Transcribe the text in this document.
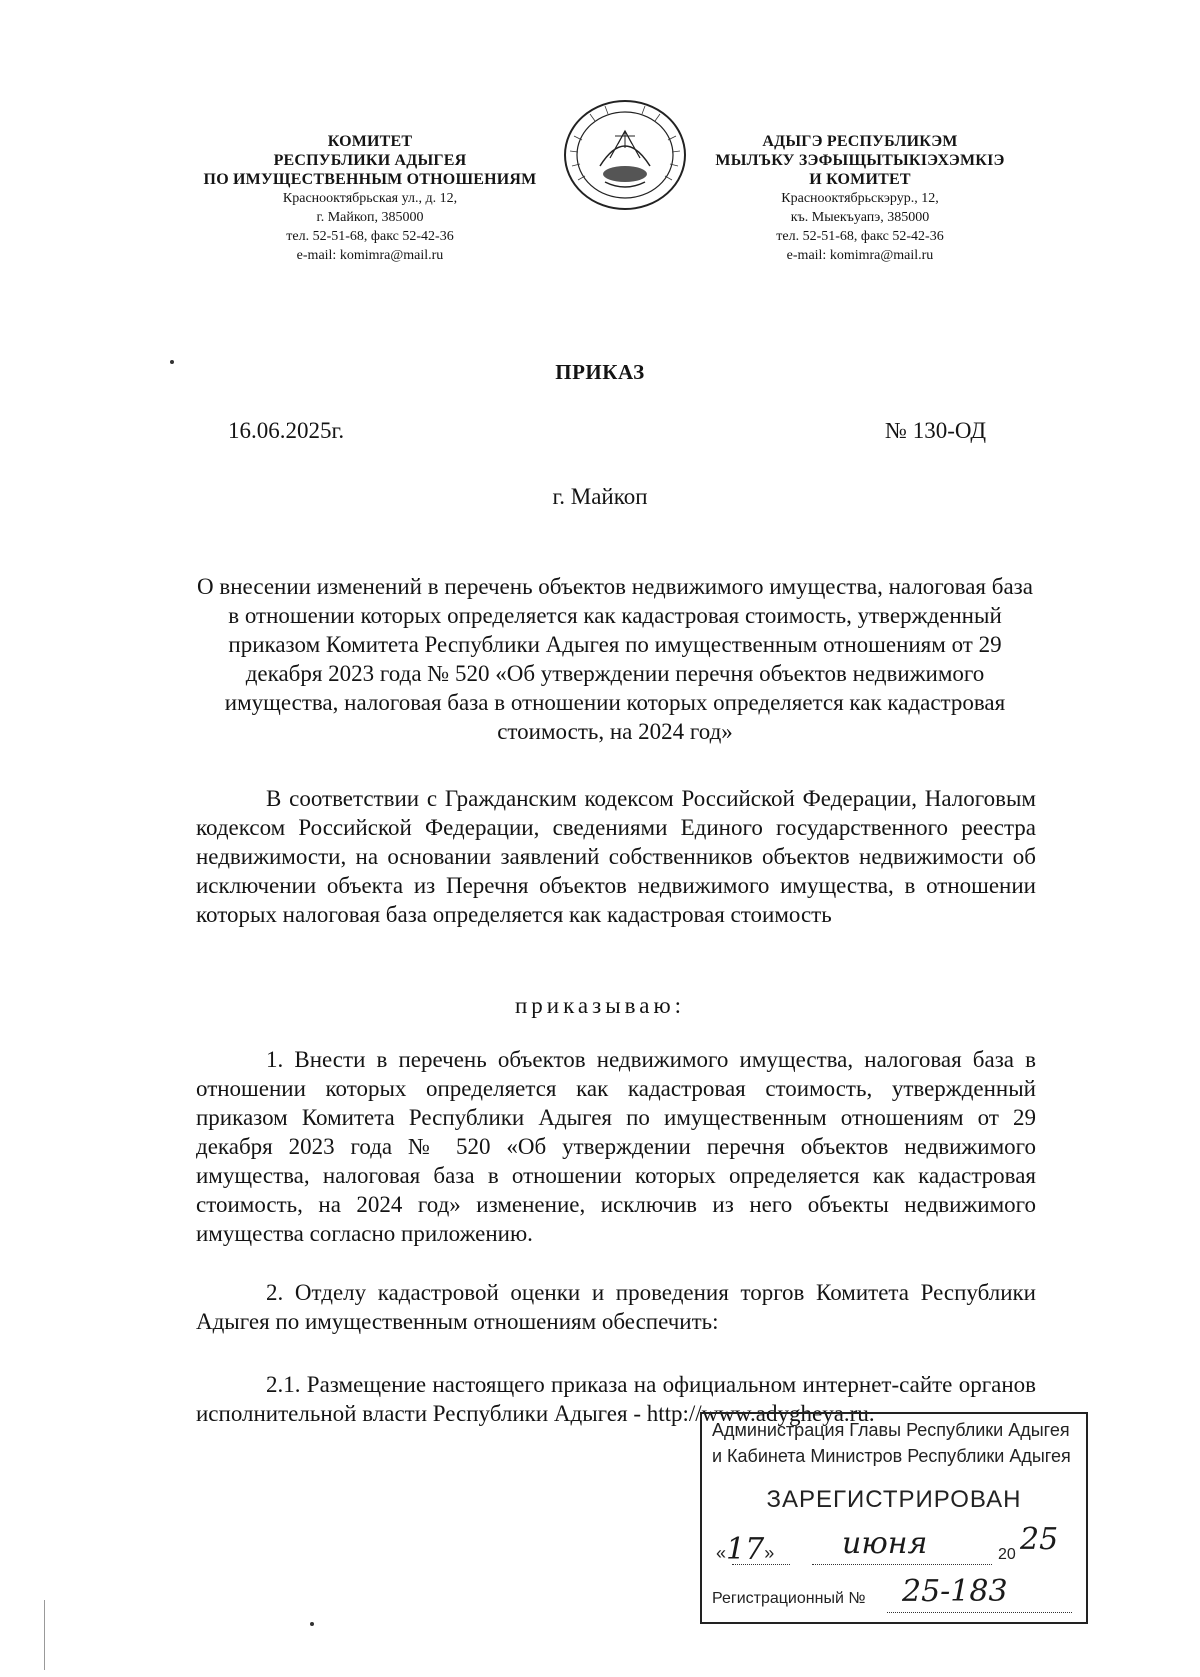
КОМИТЕТ
РЕСПУБЛИКИ АДЫГЕЯ
ПО ИМУЩЕСТВЕННЫМ ОТНОШЕНИЯМ
Краснооктябрьская ул., д. 12,
г. Майкоп, 385000
тел. 52-51-68, факс 52-42-36
e-mail: komimra@mail.ru
АДЫГЭ РЕСПУБЛИКЭМ
МЫЛЪКУ ЗЭФЫЩЫТЫКIЭХЭМКIЭ
И КОМИТЕТ
Краснооктябрьскэрур., 12,
къ. Мыекъуапэ, 385000
тел. 52-51-68, факс 52-42-36
e-mail: komimra@mail.ru
ПРИКАЗ
16.06.2025г.	№ 130-ОД
г. Майкоп
О внесении изменений в перечень объектов недвижимого имущества, налоговая база в отношении которых определяется как кадастровая стоимость, утвержденный приказом Комитета Республики Адыгея по имущественным отношениям от 29 декабря 2023 года № 520 «Об утверждении перечня объектов недвижимого имущества, налоговая база в отношении которых определяется как кадастровая стоимость, на 2024 год»
В соответствии с Гражданским кодексом Российской Федерации, Налоговым кодексом Российской Федерации, сведениями Единого государственного реестра недвижимости, на основании заявлений собственников объектов недвижимости об исключении объекта из Перечня объектов недвижимого имущества, в отношении которых налоговая база определяется как кадастровая стоимость
приказываю:
1. Внести в перечень объектов недвижимого имущества, налоговая база в отношении которых определяется как кадастровая стоимость, утвержденный приказом Комитета Республики Адыгея по имущественным отношениям от 29 декабря 2023 года № 520 «Об утверждении перечня объектов недвижимого имущества, налоговая база в отношении которых определяется как кадастровая стоимость, на 2024 год» изменение, исключив из него объекты недвижимого имущества согласно приложению.
2. Отделу кадастровой оценки и проведения торгов Комитета Республики Адыгея по имущественным отношениям обеспечить:
2.1. Размещение настоящего приказа на официальном интернет-сайте органов исполнительной власти Республики Адыгея - http://www.adygheya.ru.
Администрация Главы Республики Адыгея
и Кабинета Министров Республики Адыгея
ЗАРЕГИСТРИРОВАН
«17» июня	20 25
Регистрационный № 25-183
